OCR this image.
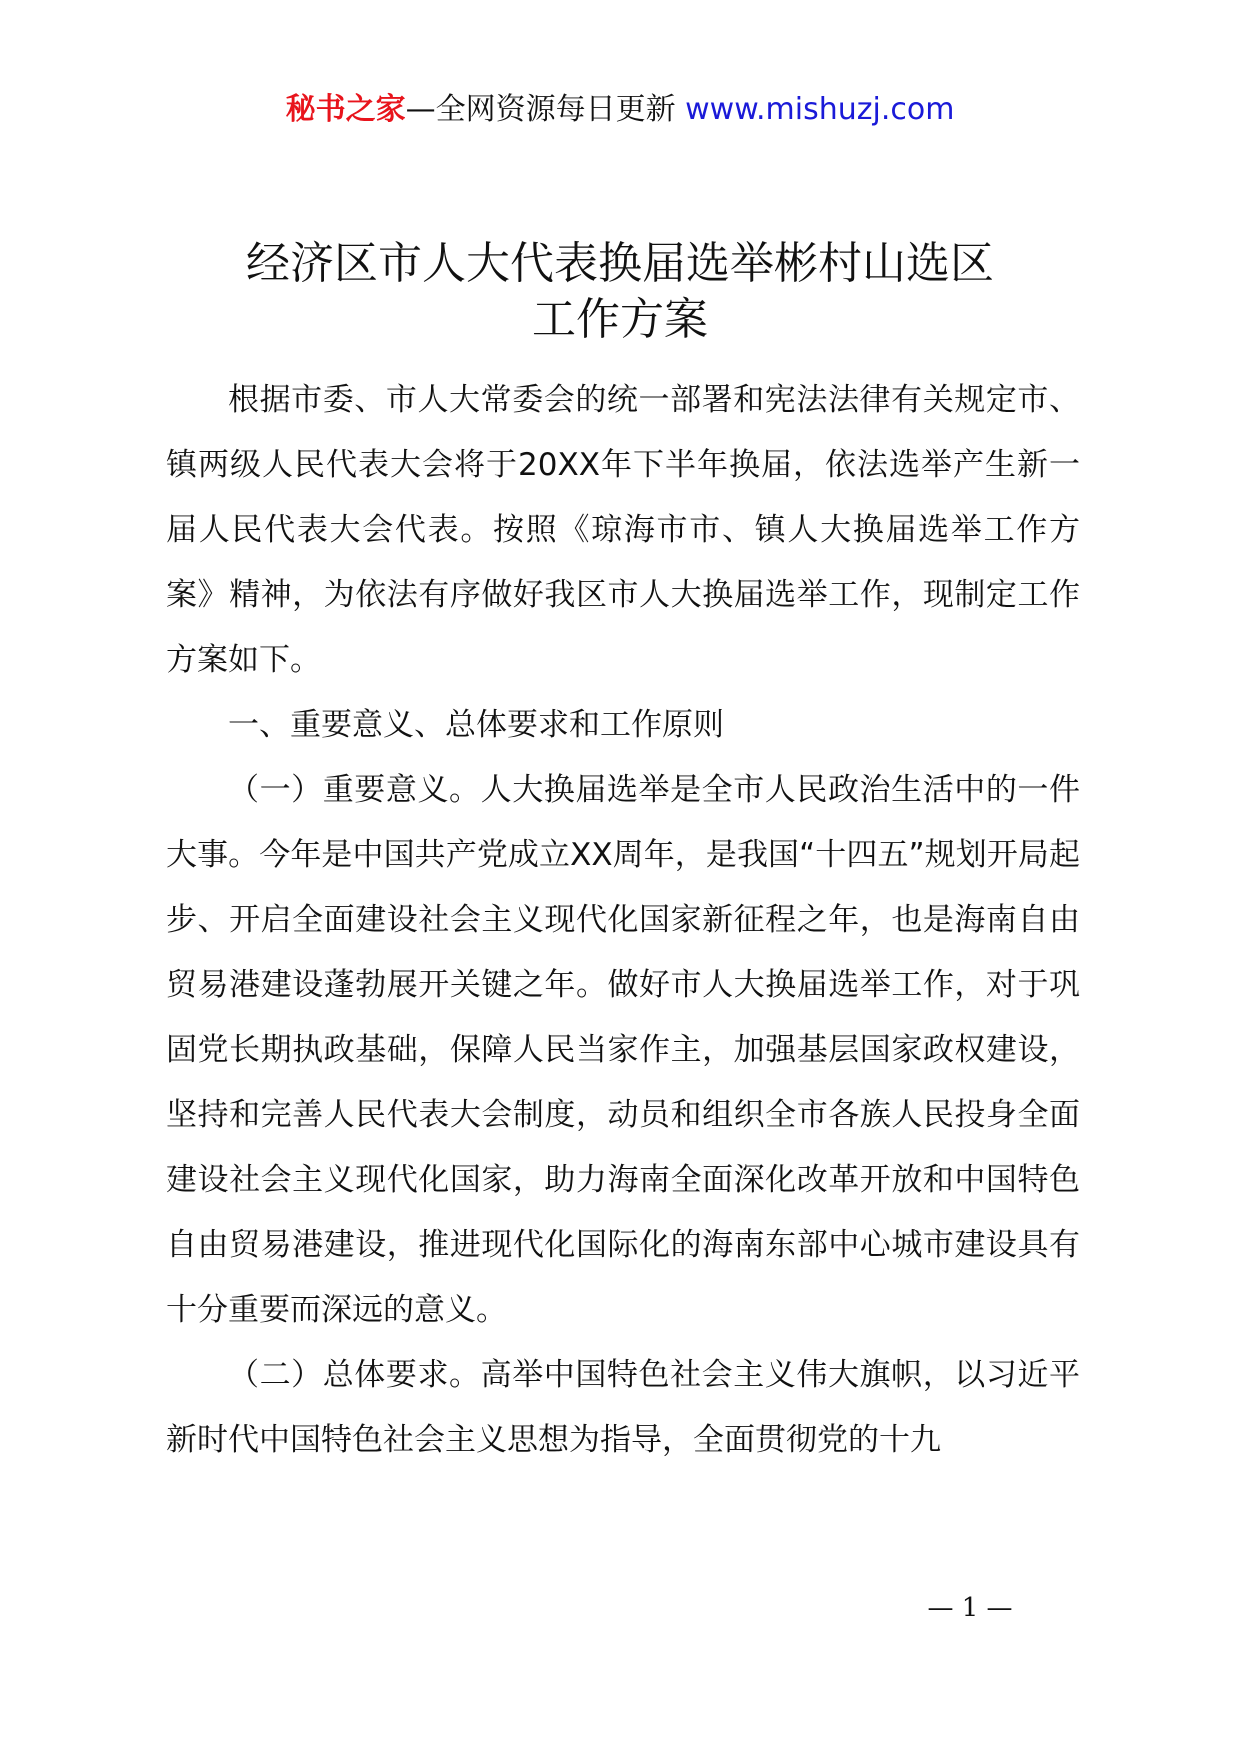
秘书之家—全网资源每日更新 www.mishuzj.com
经济区市人大代表换届选举彬村山选区
工作方案

根据市委、市人大常委会的统一部署和宪法法律有关规定市、镇两级人民代表大会将于20XX年下半年换届，依法选举产生新一届人民代表大会代表。按照《琼海市市、镇人大换届选举工作方案》精神，为依法有序做好我区市人大换届选举工作，现制定工作方案如下。

一、重要意义、总体要求和工作原则

（一）重要意义。人大换届选举是全市人民政治生活中的一件大事。今年是中国共产党成立XX周年，是我国“十四五”规划开局起步、开启全面建设社会主义现代化国家新征程之年，也是海南自由贸易港建设蓬勃展开关键之年。做好市人大换届选举工作，对于巩固党长期执政基础，保障人民当家作主，加强基层国家政权建设，坚持和完善人民代表大会制度，动员和组织全市各族人民投身全面建设社会主义现代化国家，助力海南全面深化改革开放和中国特色自由贸易港建设，推进现代化国际化的海南东部中心城市建设具有十分重要而深远的意义。

（二）总体要求。高举中国特色社会主义伟大旗帜，以习近平新时代中国特色社会主义思想为指导，全面贯彻党的十九

— 1 —
